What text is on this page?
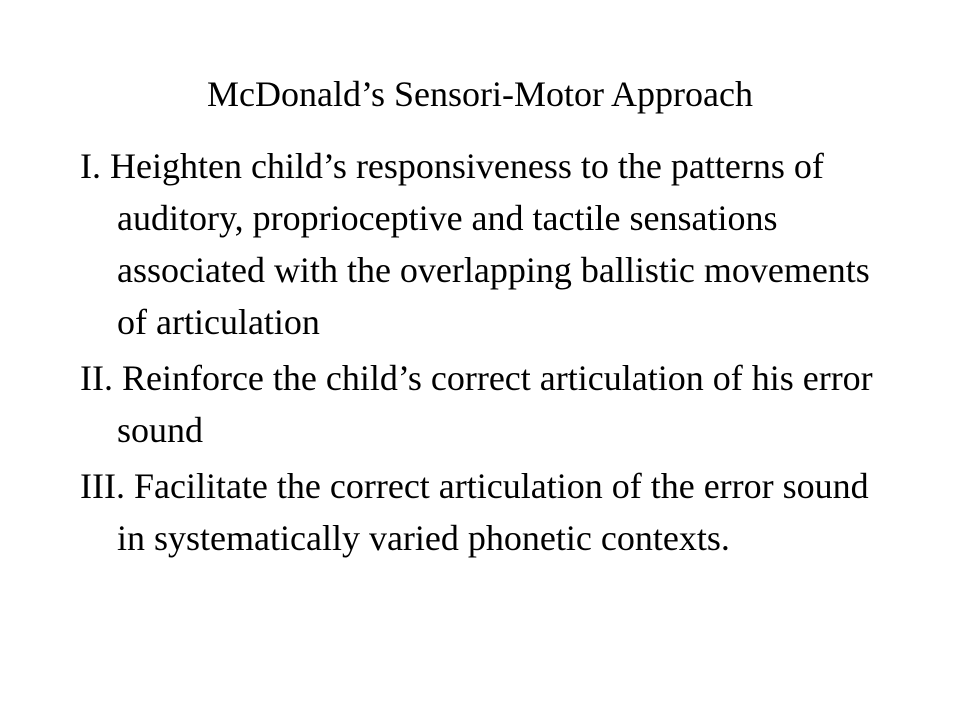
McDonald’s Sensori-Motor Approach
I. Heighten child’s responsiveness to the patterns of auditory, proprioceptive and tactile sensations associated with the overlapping ballistic movements of articulation
II. Reinforce the child’s correct articulation of his error sound
III. Facilitate the correct articulation of the error sound in systematically varied phonetic contexts.
